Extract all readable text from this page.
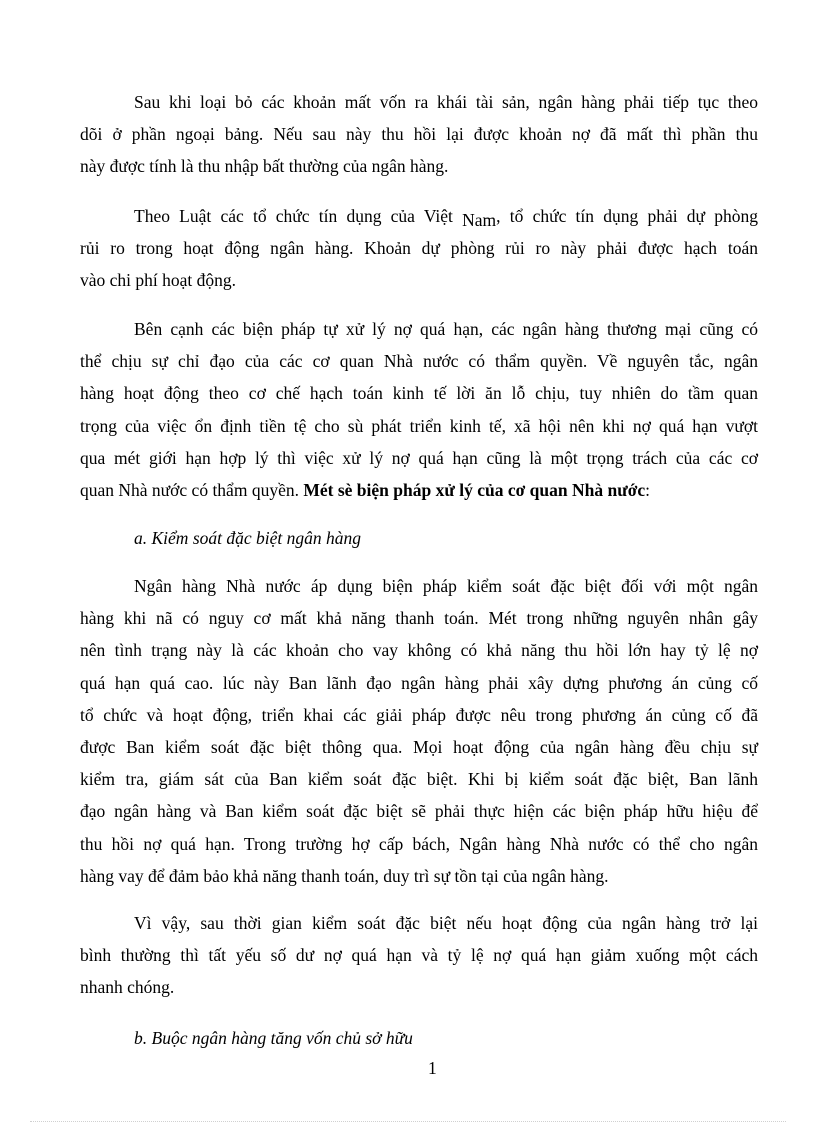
Sau khi loại bỏ các khoản mất vốn ra khái tài sản, ngân hàng phải tiếp tục theo
dõi ở phần ngoại bảng. Nếu sau này thu hồi lại được khoản nợ đã mất thì phần thu
này được tính là thu nhập bất thường của ngân hàng.
Theo Luật các tổ chức tín dụng của Việt Nam, tổ chức tín dụng phải dự phòng
rủi ro trong hoạt động ngân hàng. Khoản dự phòng rủi ro này phải được hạch toán
vào chi phí hoạt động.
Bên cạnh các biện pháp tự xử lý nợ quá hạn, các ngân hàng thương mại cũng có
thể chịu sự chỉ đạo của các cơ quan Nhà nước có thẩm quyền. Về nguyên tắc, ngân
hàng hoạt động theo cơ chế hạch toán kinh tế lời ăn lỗ chịu, tuy nhiên do tầm quan
trọng của việc ổn định tiền tệ cho sù phát triển kinh tế, xã hội nên khi nợ quá hạn vượt
qua mét giới hạn hợp lý thì việc xử lý nợ quá hạn cũng là một trọng trách của các cơ
quan Nhà nước có thẩm quyền. Mét sè biện pháp xử lý của cơ quan Nhà nước:
a. Kiểm soát đặc biệt ngân hàng
Ngân hàng Nhà nước áp dụng biện pháp kiểm soát đặc biệt đối với một ngân
hàng khi nã có nguy cơ mất khả năng thanh toán. Mét trong những nguyên nhân gây
nên tình trạng này là các khoản cho vay không có khả năng thu hồi lớn hay tỷ lệ nợ
quá hạn quá cao. lúc này Ban lãnh đạo ngân hàng phải xây dựng phương án củng cố
tổ chức và hoạt động, triển khai các giải pháp được nêu trong phương án củng cố đã
được Ban kiểm soát đặc biệt thông qua. Mọi hoạt động của ngân hàng đều chịu sự
kiểm tra, giám sát của Ban kiểm soát đặc biệt. Khi bị kiểm soát đặc biệt, Ban lãnh
đạo ngân hàng và Ban kiểm soát đặc biệt sẽ phải thực hiện các biện pháp hữu hiệu để
thu hồi nợ quá hạn. Trong trường hợ cấp bách, Ngân hàng Nhà nước có thể cho ngân
hàng vay để đảm bảo khả năng thanh toán, duy trì sự tồn tại của ngân hàng.
Vì vậy, sau thời gian kiểm soát đặc biệt nếu hoạt động của ngân hàng trở lại
bình thường thì tất yếu số dư nợ quá hạn và tỷ lệ nợ quá hạn giảm xuống một cách
nhanh chóng.
b. Buộc ngân hàng tăng vốn chủ sở hữu
1
